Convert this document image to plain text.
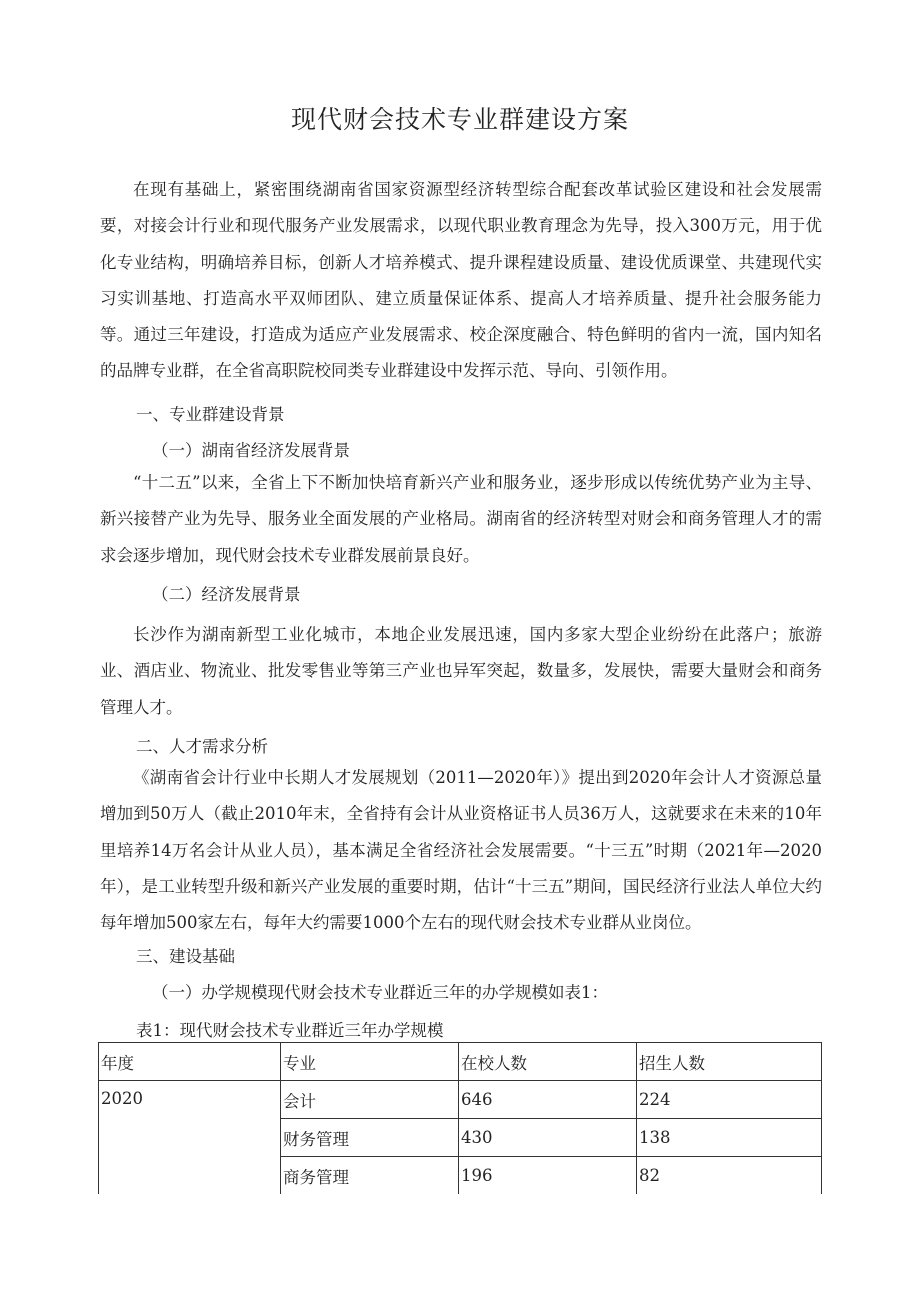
现代财会技术专业群建设方案

在现有基础上，紧密围绕湖南省国家资源型经济转型综合配套改革试验区建设和社会发展需要，对接会计行业和现代服务产业发展需求，以现代职业教育理念为先导，投入300万元，用于优化专业结构，明确培养目标，创新人才培养模式、提升课程建设质量、建设优质课堂、共建现代实习实训基地、打造高水平双师团队、建立质量保证体系、提高人才培养质量、提升社会服务能力等。通过三年建设，打造成为适应产业发展需求、校企深度融合、特色鲜明的省内一流，国内知名的品牌专业群，在全省高职院校同类专业群建设中发挥示范、导向、引领作用。

一、专业群建设背景

（一）湖南省经济发展背景

“十二五”以来，全省上下不断加快培育新兴产业和服务业，逐步形成以传统优势产业为主导、新兴接替产业为先导、服务业全面发展的产业格局。湖南省的经济转型对财会和商务管理人才的需求会逐步增加，现代财会技术专业群发展前景良好。

（二）经济发展背景

长沙作为湖南新型工业化城市，本地企业发展迅速，国内多家大型企业纷纷在此落户；旅游业、酒店业、物流业、批发零售业等第三产业也异军突起，数量多，发展快，需要大量财会和商务管理人才。

二、人才需求分析

《湖南省会计行业中长期人才发展规划（2011—2020年）》提出到2020年会计人才资源总量增加到50万人（截止2010年末，全省持有会计从业资格证书人员36万人，这就要求在未来的10年里培养14万名会计从业人员），基本满足全省经济社会发展需要。“十三五”时期（2021年—2020年），是工业转型升级和新兴产业发展的重要时期，估计“十三五”期间，国民经济行业法人单位大约每年增加500家左右，每年大约需要1000个左右的现代财会技术专业群从业岗位。

三、建设基础

（一）办学规模现代财会技术专业群近三年的办学规模如表1：

表1：现代财会技术专业群近三年办学规模

年度	专业	在校人数	招生人数
2020	会计	646	224
	财务管理	430	138
	商务管理	196	82
